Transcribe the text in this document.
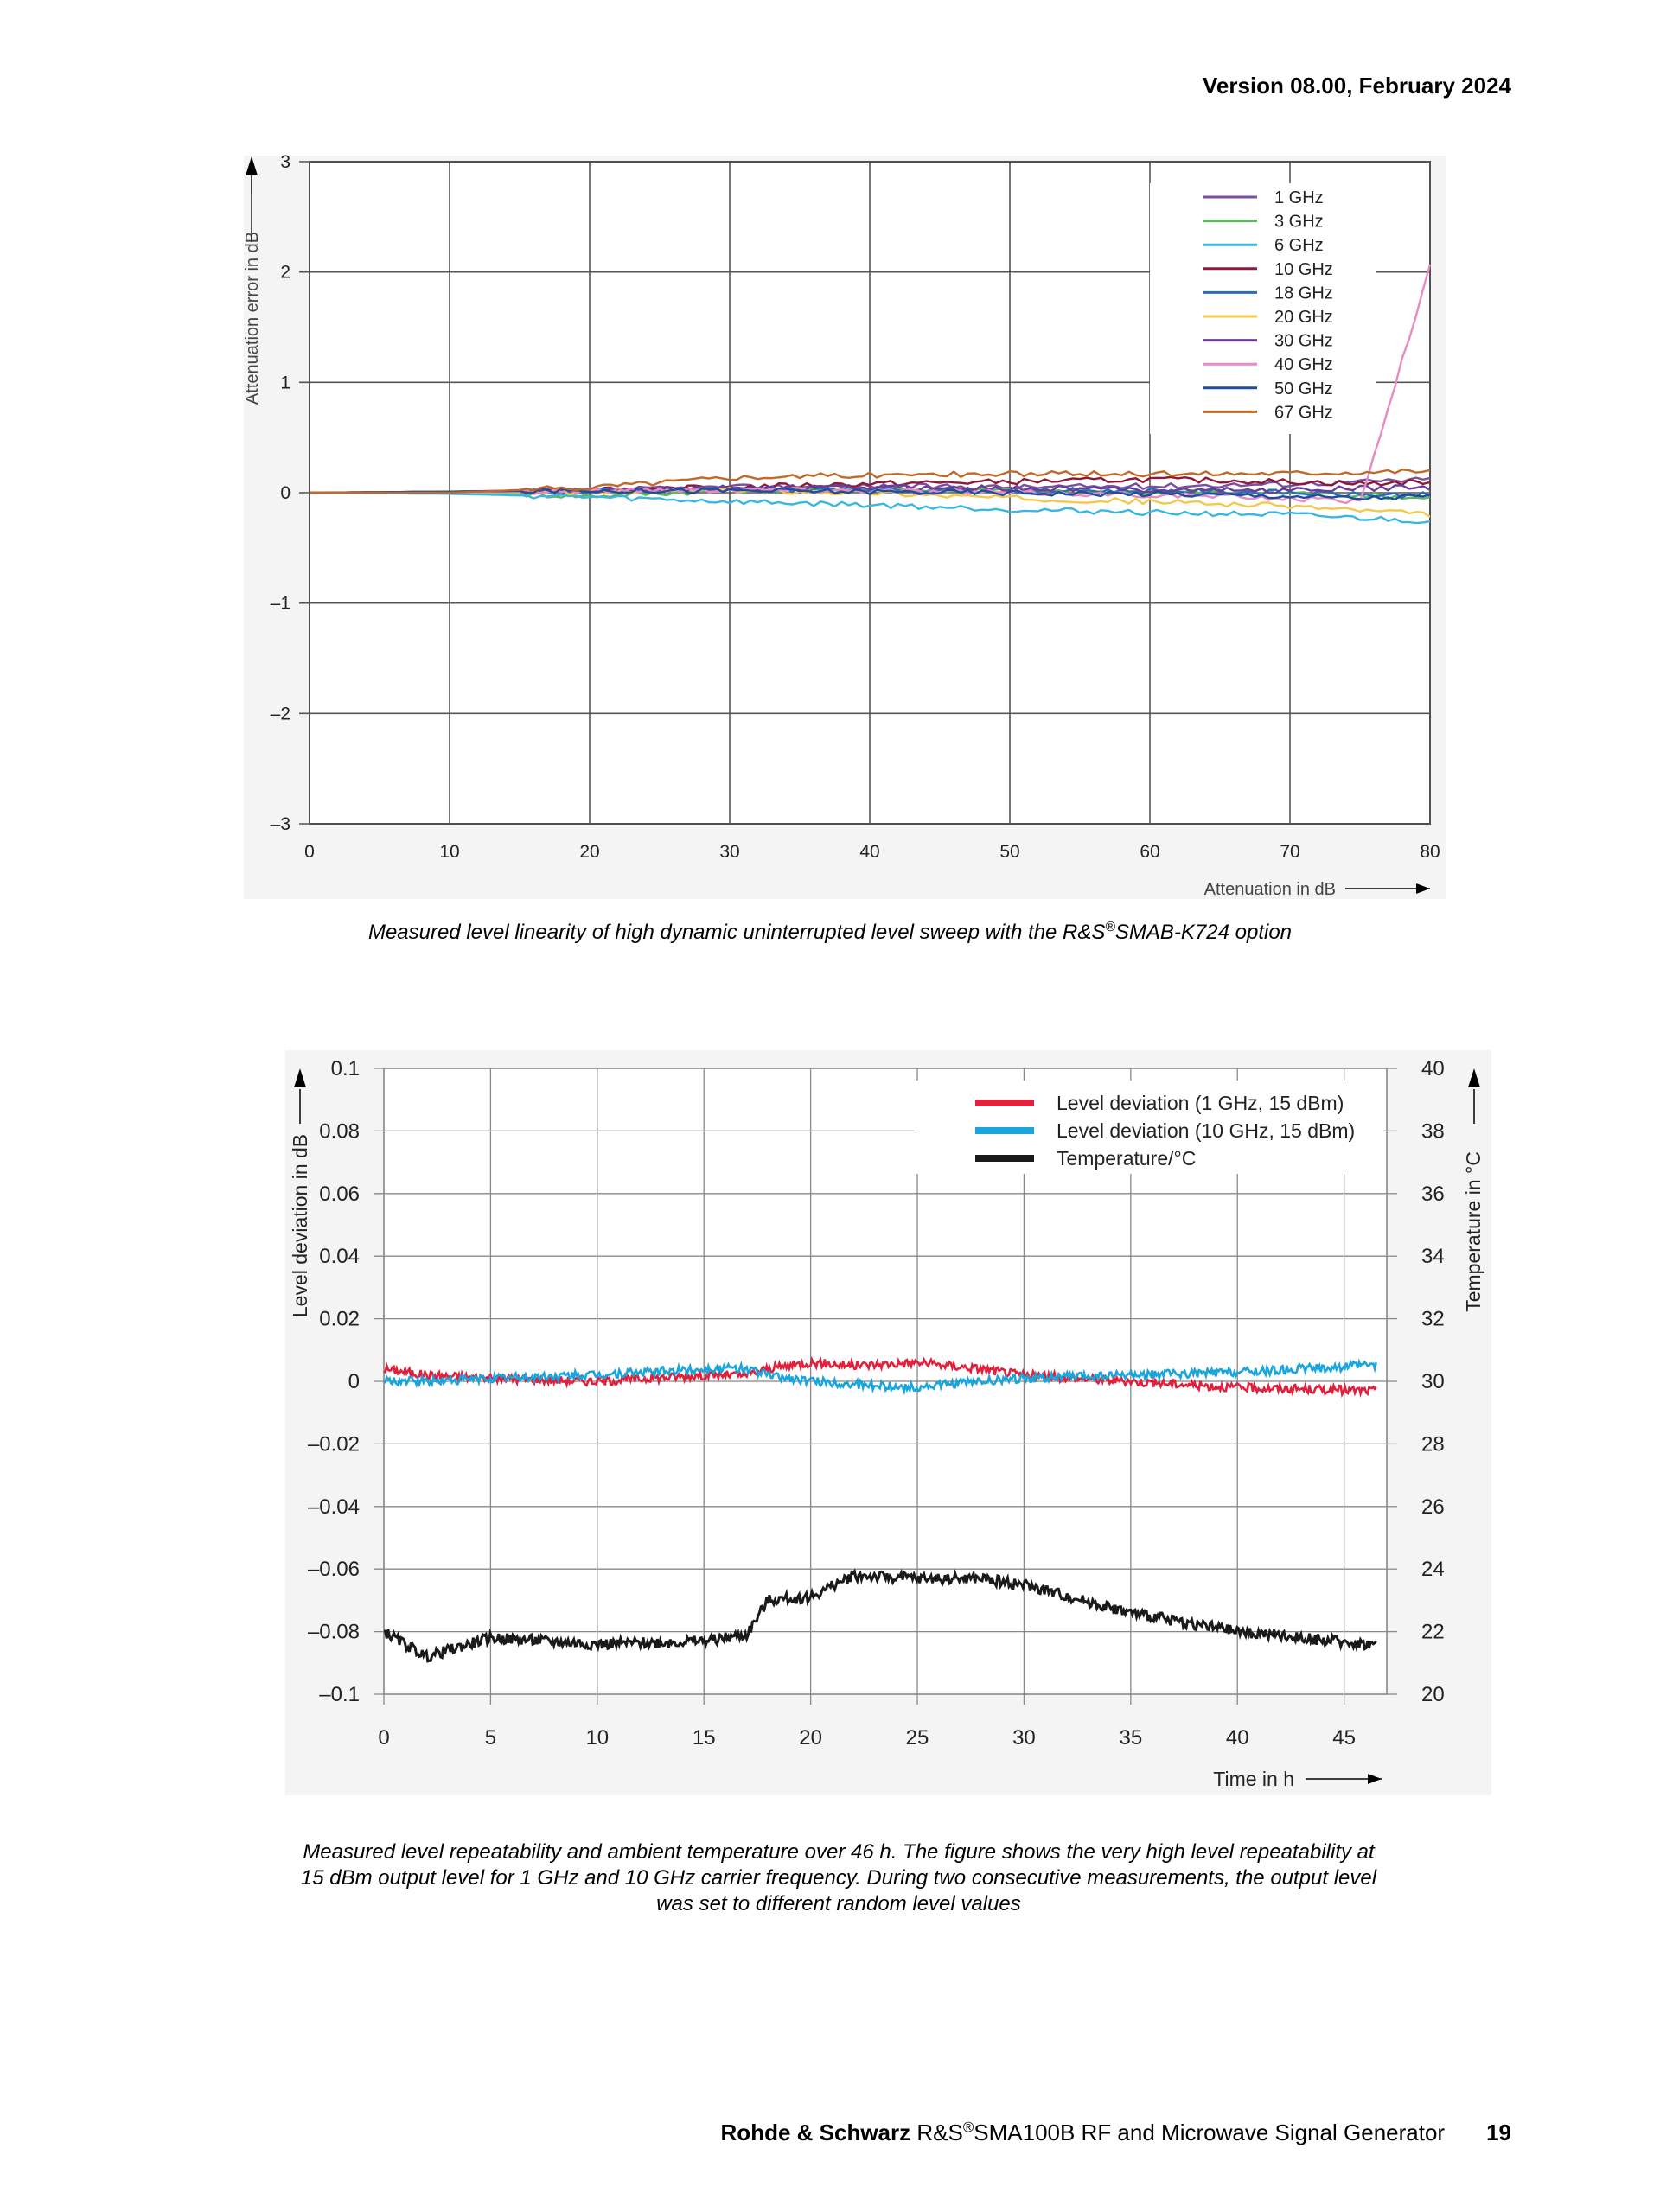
Version 08.00, February 2024
0	10	20	30	40	50	60	70	80
3
2
1
0
–1
–2
–3
1 GHz
3 GHz
6 GHz
10 GHz
18 GHz
20 GHz
30 GHz
40 GHz
50 GHz
67 GHz
Attenuation error in dB
Attenuation in dB
0	5	10	15	20	25	30	35	40	45
0.1
0.08
0.06
0.04
0.02
0
–0.02
–0.04
–0.06
–0.08
–0.1
40
38
36
34
32
30
28
26
24
22
20
Level deviation (1 GHz, 15 dBm)
Level deviation (10 GHz, 15 dBm)
Temperature/°C
Level deviation in dB	Temperature in °C
Time in h
Measured level linearity of high dynamic uninterrupted level sweep with the R&S®SMAB-K724 option
Measured level repeatability and ambient temperature over 46 h. The figure shows the very high level repeatability at
15 dBm output level for 1 GHz and 10 GHz carrier frequency. During two consecutive measurements, the output level
was set to different random level values
Rohde & Schwarz R&S®SMA100B RF and Microwave Signal Generator 19
